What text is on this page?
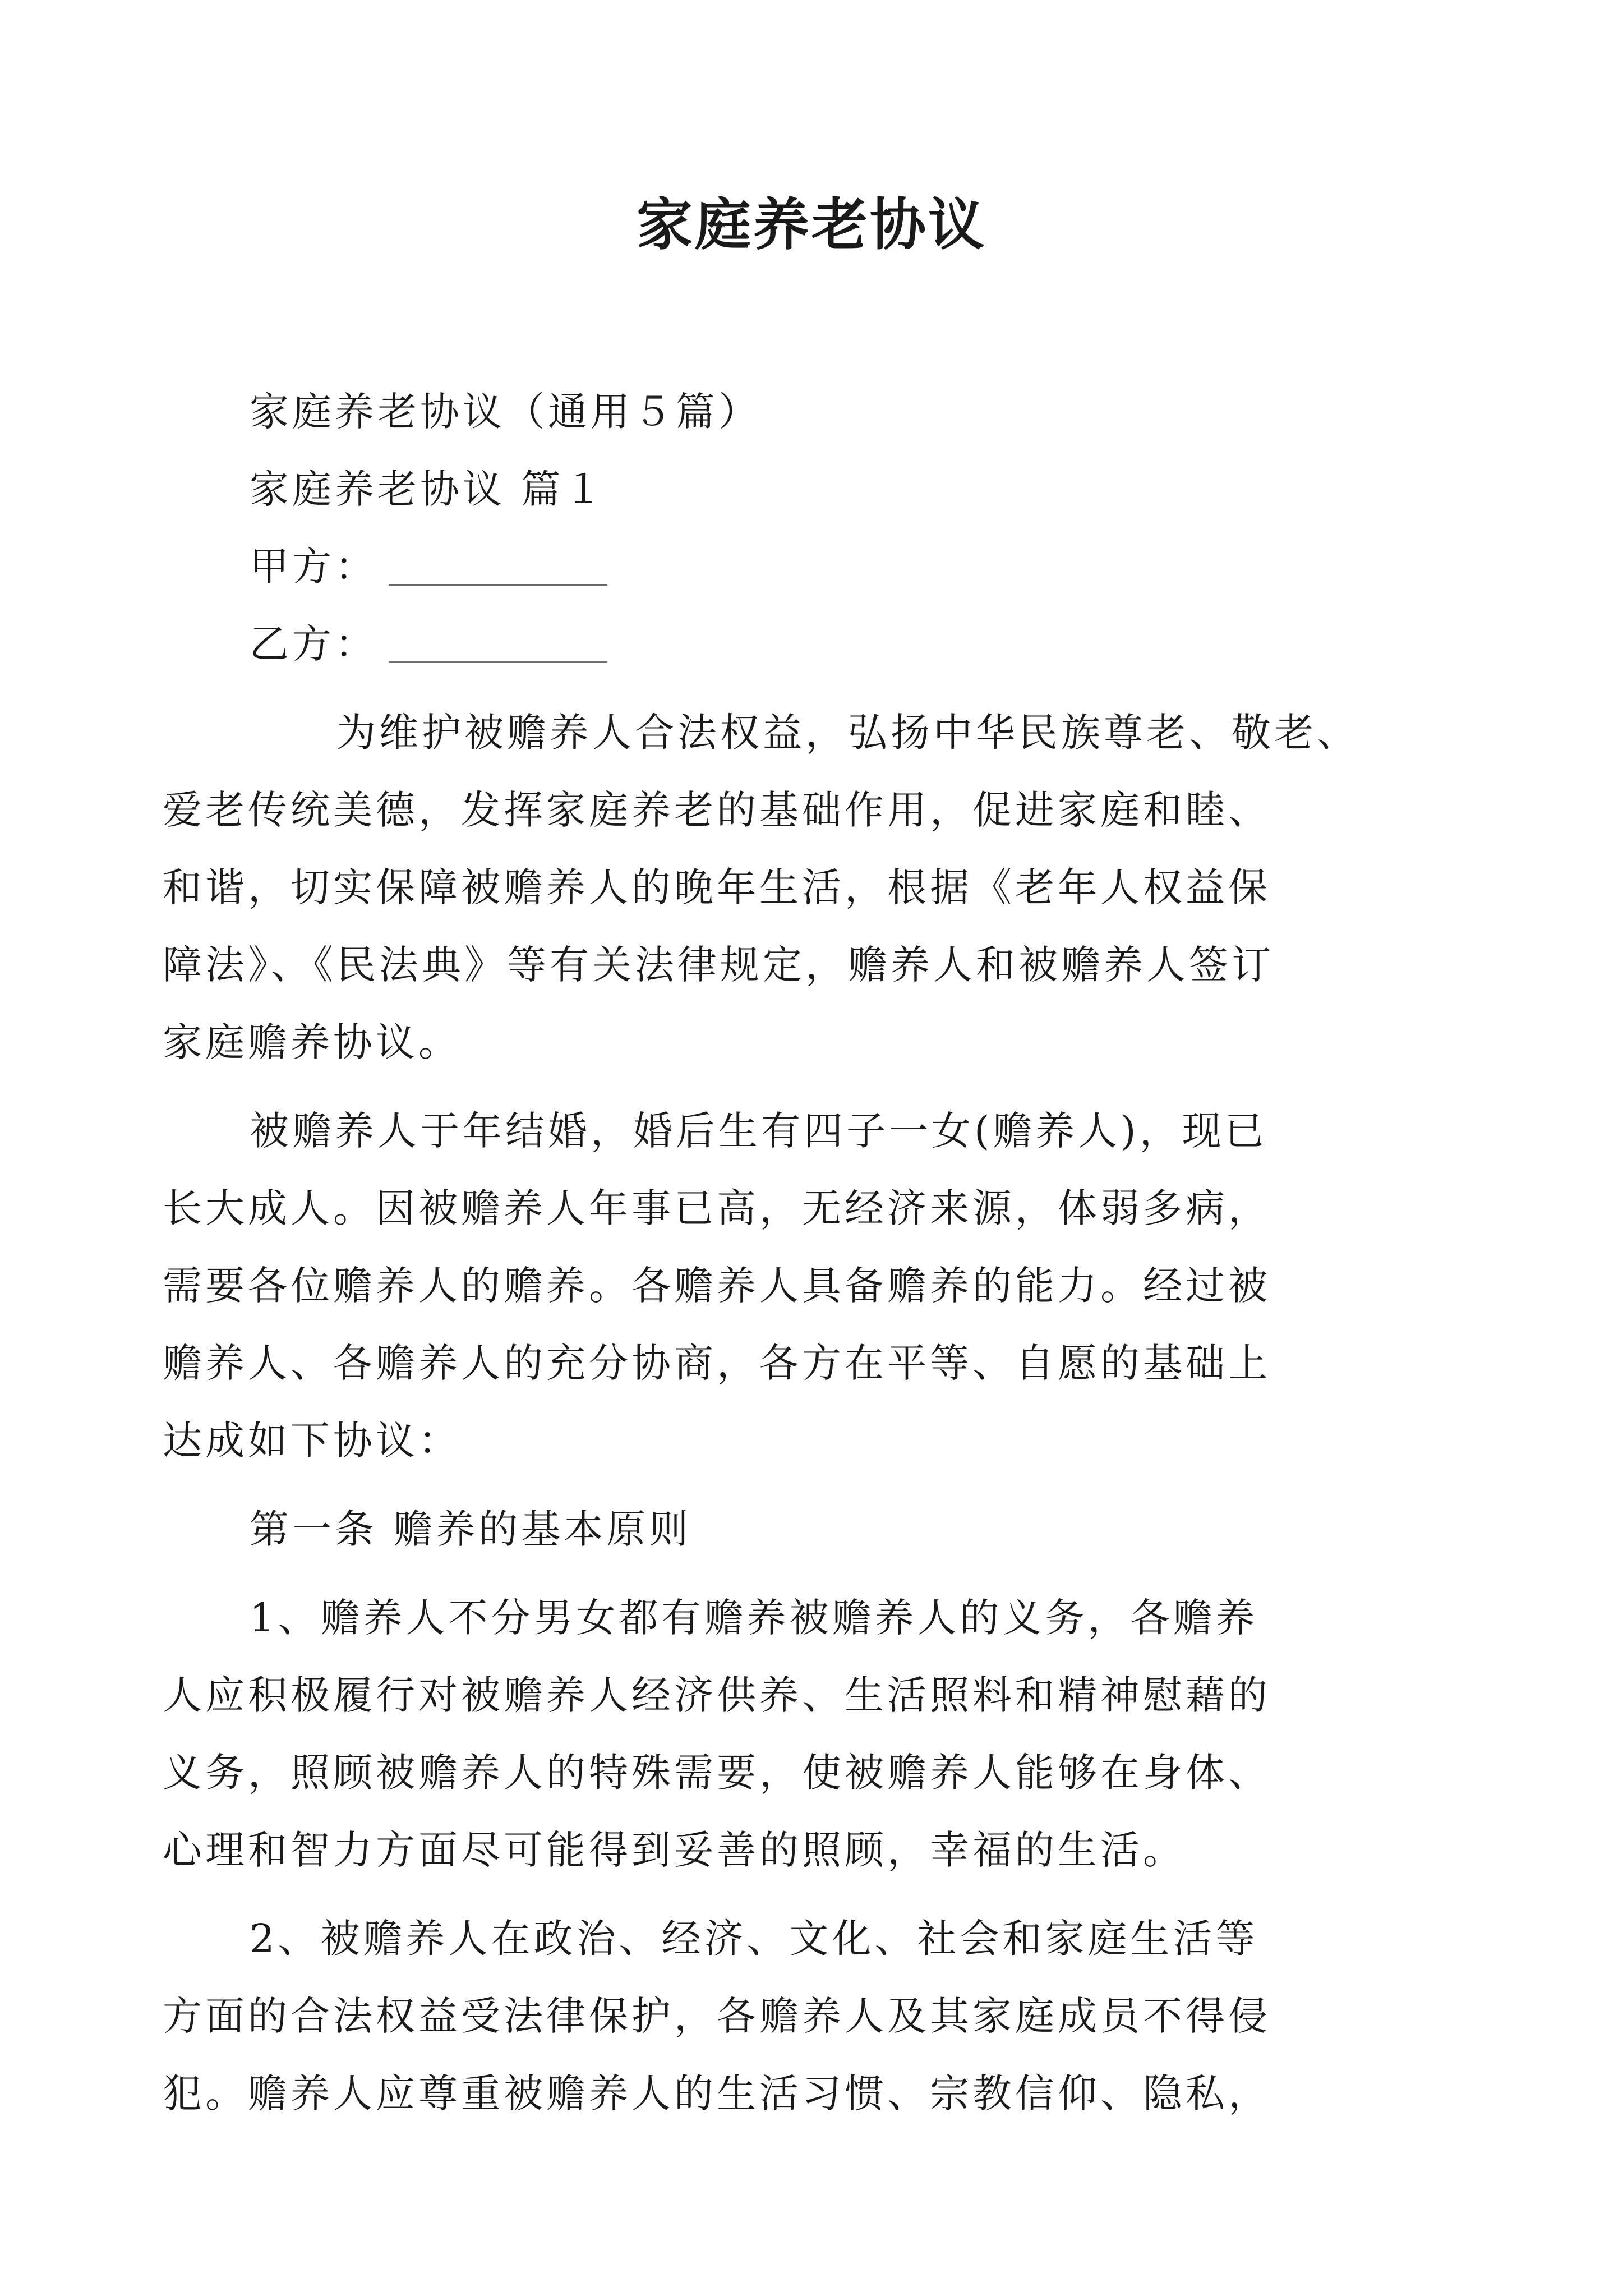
家庭养老协议
家庭养老协议（通用５篇）
家庭养老协议 篇１
甲方：
乙方：
为维护被赡养人合法权益，弘扬中华民族尊老、敬老、
爱老传统美德，发挥家庭养老的基础作用，促进家庭和睦、
和谐，切实保障被赡养人的晚年生活，根据《老年人权益保
障法》、《民法典》等有关法律规定，赡养人和被赡养人签订
家庭赡养协议。
被赡养人于年结婚，婚后生有四子一女(赡养人)，现已
长大成人。因被赡养人年事已高，无经济来源，体弱多病，
需要各位赡养人的赡养。各赡养人具备赡养的能力。经过被
赡养人、各赡养人的充分协商，各方在平等、自愿的基础上
达成如下协议：
第一条 赡养的基本原则
1、赡养人不分男女都有赡养被赡养人的义务，各赡养
人应积极履行对被赡养人经济供养、生活照料和精神慰藉的
义务，照顾被赡养人的特殊需要，使被赡养人能够在身体、
心理和智力方面尽可能得到妥善的照顾，幸福的生活。
2、被赡养人在政治、经济、文化、社会和家庭生活等
方面的合法权益受法律保护，各赡养人及其家庭成员不得侵
犯。赡养人应尊重被赡养人的生活习惯、宗教信仰、隐私，
